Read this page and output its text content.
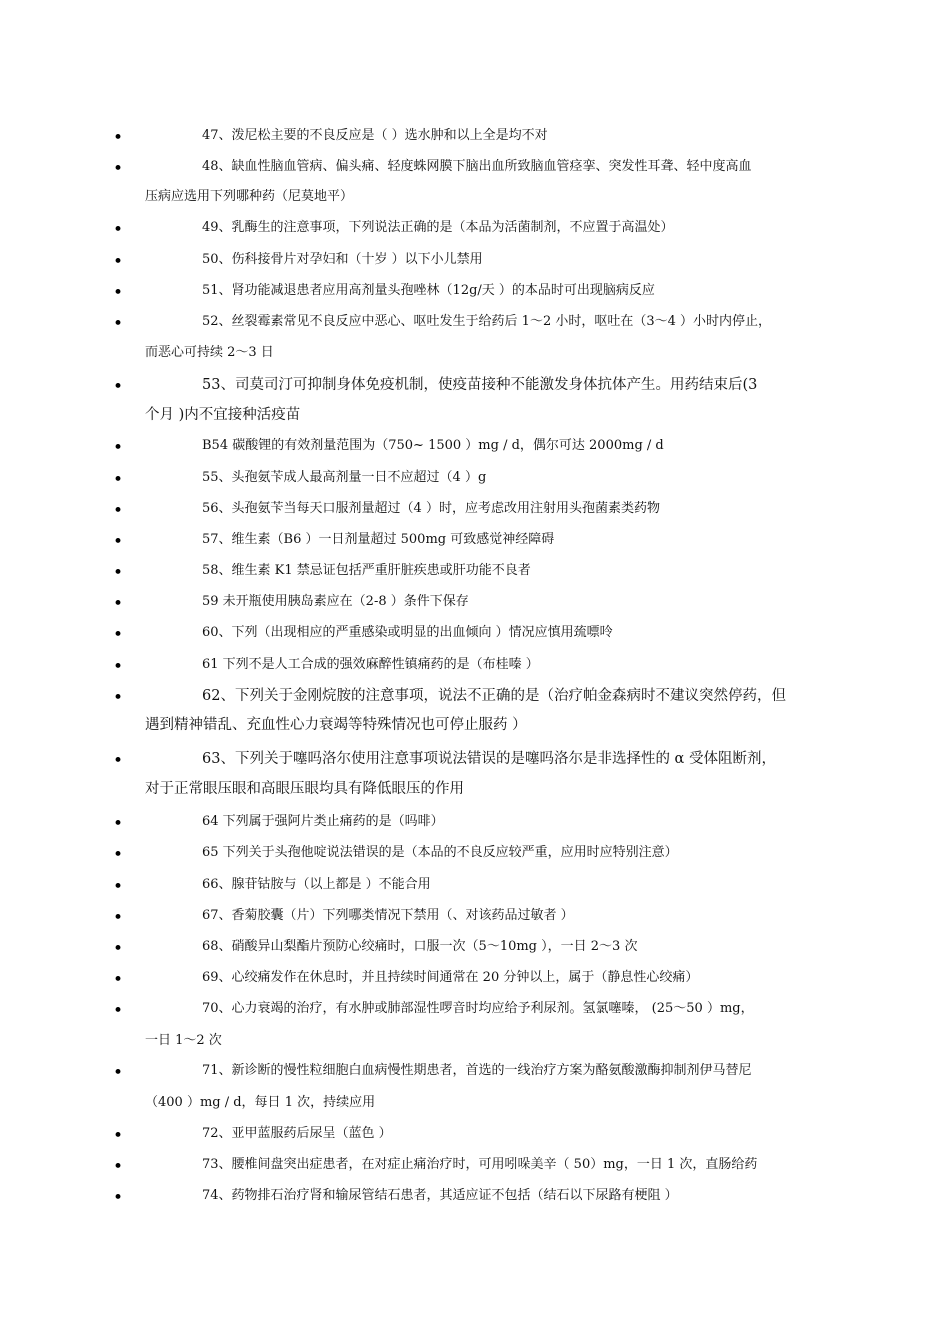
•	47、泼尼松主要的不良反应是（ ）选水肿和以上全是均不对
•	48、缺血性脑血管病、偏头痛、轻度蛛网膜下脑出血所致脑血管痉挛、突发性耳聋、轻中度高血
压病应选用下列哪种药（尼莫地平）
•	49、乳酶生的注意事项，下列说法正确的是（本品为活菌制剂，不应置于高温处）
•	50、伤科接骨片对孕妇和（十岁 ）以下小儿禁用
•	51、肾功能减退患者应用高剂量头孢唑林（12g/天 ）的本品时可出现脑病反应
•	52、丝裂霉素常见不良反应中恶心、呕吐发生于给药后 1～2 小时，呕吐在（3～4 ）小时内停止，
而恶心可持续 2～3 日
•	53、司莫司汀可抑制身体免疫机制，使疫苗接种不能激发身体抗体产生。用药结束后(3
个月 )内不宜接种活疫苗
•	B54 碳酸锂的有效剂量范围为（750~ 1500 ）mg / d，偶尔可达 2000mg / d
•	55、头孢氨苄成人最高剂量一日不应超过（4 ）g
•	56、头孢氨苄当每天口服剂量超过（4 ）时，应考虑改用注射用头孢菌素类药物
•	57、维生素（B6 ）一日剂量超过 500mg 可致感觉神经障碍
•	58、维生素 K1 禁忌证包括严重肝脏疾患或肝功能不良者
•	59 未开瓶使用胰岛素应在（2-8 ）条件下保存
•	60、下列（出现相应的严重感染或明显的出血倾向 ）情况应慎用巯嘌呤
•	61 下列不是人工合成的强效麻醉性镇痛药的是（布桂嗪 ）
•	62、下列关于金刚烷胺的注意事项，说法不正确的是（治疗帕金森病时不建议突然停药，但
遇到精神错乱、充血性心力衰竭等特殊情况也可停止服药 ）
•	63、下列关于噻吗洛尔使用注意事项说法错误的是噻吗洛尔是非选择性的 α 受体阻断剂，
对于正常眼压眼和高眼压眼均具有降低眼压的作用
•	64 下列属于强阿片类止痛药的是（吗啡）
•	65 下列关于头孢他啶说法错误的是（本品的不良反应较严重，应用时应特别注意）
•	66、腺苷钴胺与（以上都是 ）不能合用
•	67、香菊胶囊（片）下列哪类情况下禁用（、对该药品过敏者 ）
•	68、硝酸异山梨酯片预防心绞痛时，口服一次（5～10mg ），一日 2～3 次
•	69、心绞痛发作在休息时，并且持续时间通常在 20 分钟以上，属于（静息性心绞痛）
•	70、心力衰竭的治疗，有水肿或肺部湿性啰音时均应给予利尿剂。氢氯噻嗪， (25～50 ）mg，
一日 1～2 次
•	71、新诊断的慢性粒细胞白血病慢性期患者，首选的一线治疗方案为酪氨酸激酶抑制剂伊马替尼
（400 ）mg / d，每日 1 次，持续应用
•	72、亚甲蓝服药后尿呈（蓝色 ）
•	73、腰椎间盘突出症患者，在对症止痛治疗时，可用吲哚美辛（ 50）mg，一日 1 次，直肠给药
•	74、药物排石治疗肾和输尿管结石患者，其适应证不包括（结石以下尿路有梗阻 ）
